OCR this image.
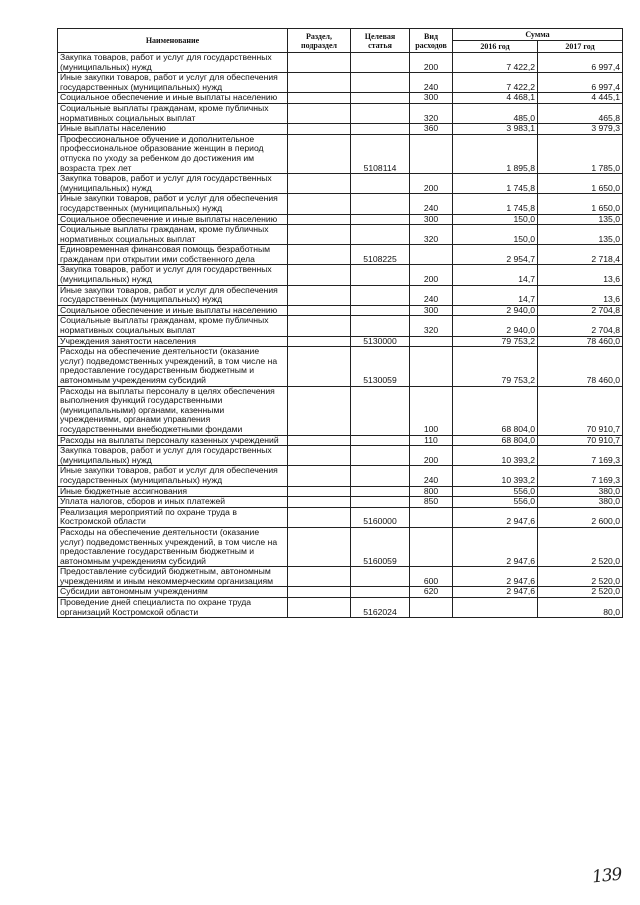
Наименование	Раздел, подраздел	Целевая статья	Вид расходов	Сумма	
				2016 год	2017 год
Закупка товаров, работ и услуг для государственных (муниципальных) нужд			200	7 422,2	6 997,4
Иные закупки товаров, работ и услуг для обеспечения государственных (муниципальных) нужд			240	7 422,2	6 997,4
Социальное обеспечение и иные выплаты населению			300	4 468,1	4 445,1
Социальные выплаты гражданам, кроме публичных нормативных социальных выплат			320	485,0	465,8
Иные выплаты населению			360	3 983,1	3 979,3
Профессиональное обучение и дополнительное профессиональное образование женщин в период отпуска по уходу за ребенком до достижения им возраста трех лет		5108114		1 895,8	1 785,0
Закупка товаров, работ и услуг для государственных (муниципальных) нужд			200	1 745,8	1 650,0
Иные закупки товаров, работ и услуг для обеспечения государственных (муниципальных) нужд			240	1 745,8	1 650,0
Социальное обеспечение и иные выплаты населению			300	150,0	135,0
Социальные выплаты гражданам, кроме публичных нормативных социальных выплат			320	150,0	135,0
Единовременная финансовая помощь безработным гражданам при открытии ими собственного дела		5108225		2 954,7	2 718,4
Закупка товаров, работ и услуг для государственных (муниципальных) нужд			200	14,7	13,6
Иные закупки товаров, работ и услуг для обеспечения государственных (муниципальных) нужд			240	14,7	13,6
Социальное обеспечение и иные выплаты населению			300	2 940,0	2 704,8
Социальные выплаты гражданам, кроме публичных нормативных социальных выплат			320	2 940,0	2 704,8
Учреждения занятости населения		5130000		79 753,2	78 460,0
Расходы на обеспечение деятельности (оказание услуг) подведомственных учреждений, в том числе на предоставление государственным бюджетным и автономным учреждениям субсидий		5130059		79 753,2	78 460,0
Расходы на выплаты персоналу в целях обеспечения выполнения функций государственными (муниципальными) органами, казенными учреждениями, органами управления государственными внебюджетными фондами			100	68 804,0	70 910,7
Расходы на выплаты персоналу казенных учреждений			110	68 804,0	70 910,7
Закупка товаров, работ и услуг для государственных (муниципальных) нужд			200	10 393,2	7 169,3
Иные закупки товаров, работ и услуг для обеспечения государственных (муниципальных) нужд			240	10 393,2	7 169,3
Иные бюджетные ассигнования			800	556,0	380,0
Уплата налогов, сборов и иных платежей			850	556,0	380,0
Реализация мероприятий по охране труда в Костромской области		5160000		2 947,6	2 600,0
Расходы на обеспечение деятельности (оказание услуг) подведомственных учреждений, в том числе на предоставление государственным бюджетным и автономным учреждениям субсидий		5160059		2 947,6	2 520,0
Предоставление субсидий бюджетным, автономным учреждениям и иным некоммерческим организациям			600	2 947,6	2 520,0
Субсидии автономным учреждениям			620	2 947,6	2 520,0
Проведение дней специалиста по охране труда организаций Костромской области		5162024			80,0
139
